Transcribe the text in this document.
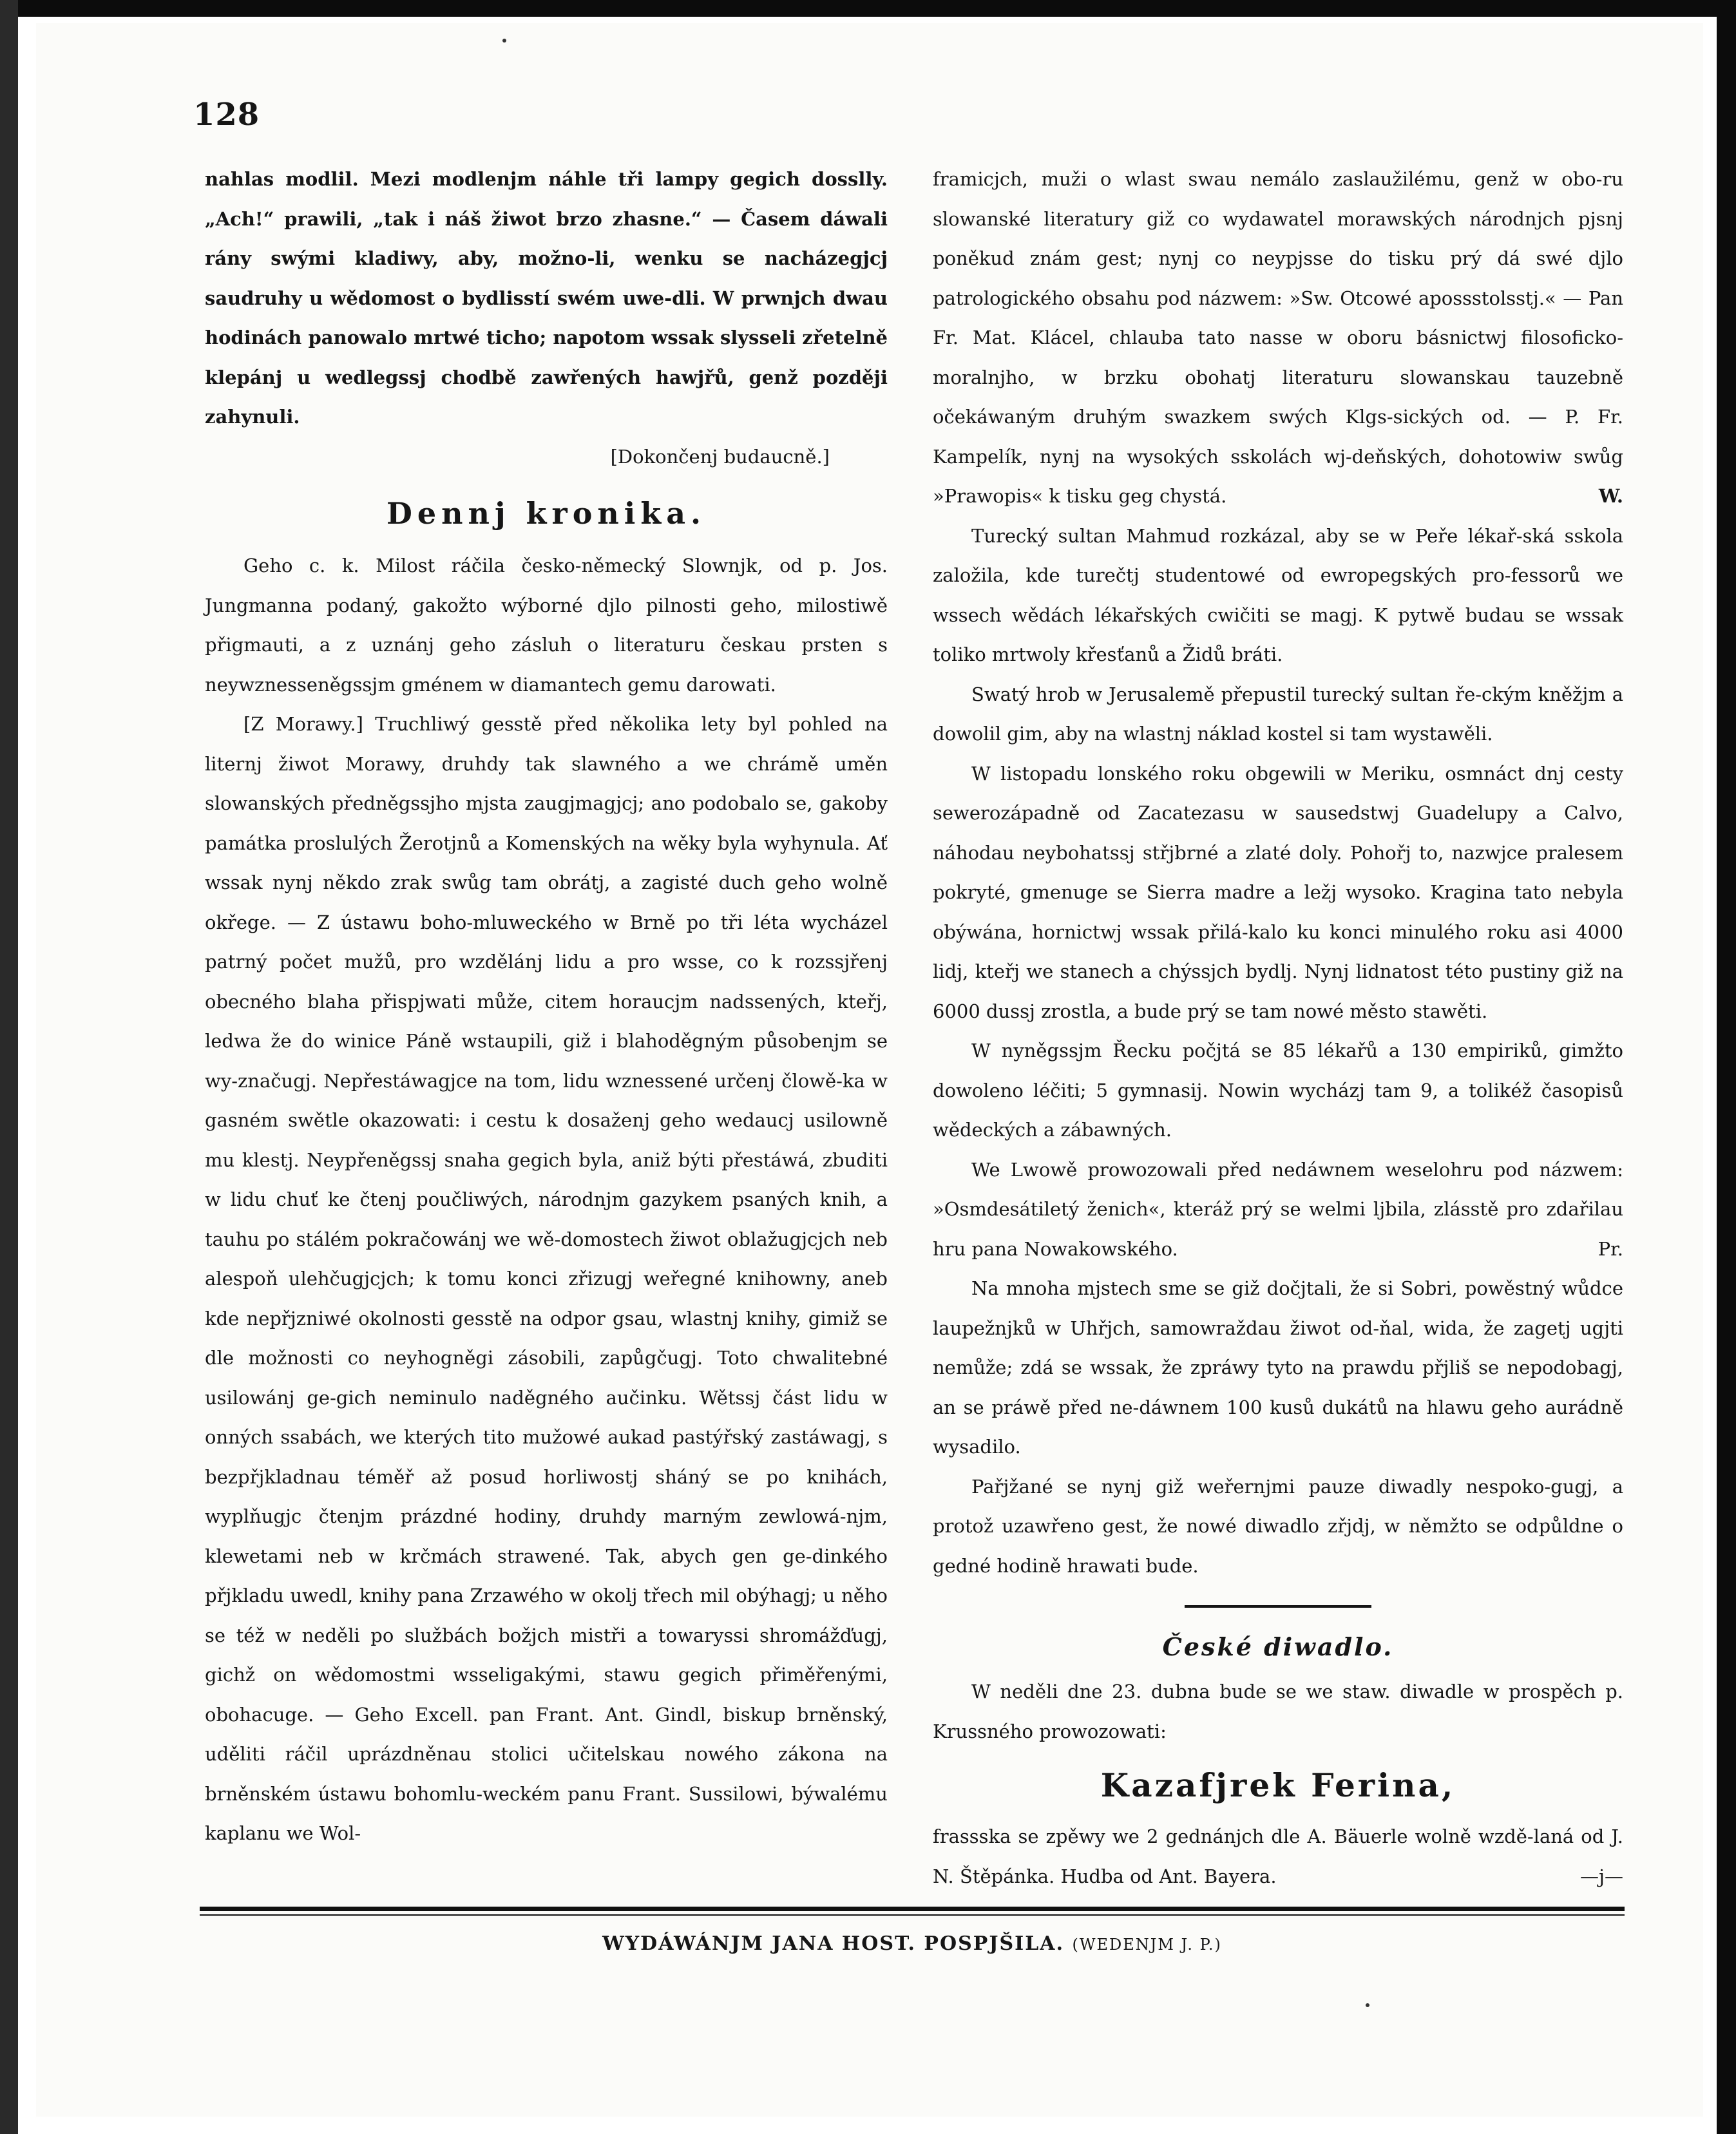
128

nahlas modlil. Mezi modlenjm náhle tři lampy gegich dosslly. „Ach!“ prawili, „tak i náš žiwot brzo zhasne.“ — Časem dáwali rány swými kladiwy, aby, možno-li, wenku se nacházegjcj saudruhy u wědomost o bydlisstí swém uwe-dli. W prwnjch dwau hodinách panowalo mrtwé ticho; napotom wssak slysseli zřetelně klepánj u wedlegssj chodbě zawřených hawjřů, genž později zahynuli.

[Dokončenj budaucně.]

Dennj kronika.

Geho c. k. Milost ráčila česko-německý Slownjk, od p. Jos. Jungmanna podaný, gakožto wýborné djlo pilnosti geho, milostiwě přigmauti, a z uznánj geho zásluh o literaturu českau prsten s neywznesseněgssjm gménem w diamantech gemu darowati.

[Z Morawy.] Truchliwý gesstě před několika lety byl pohled na liternj žiwot Morawy, druhdy tak slawného a we chrámě uměn slowanských předněgssjho mjsta zaugjmagjcj; ano podobalo se, gakoby památka proslulých Žerotjnů a Komenských na wěky byla wyhynula. Ať wssak nynj někdo zrak swůg tam obrátj, a zagisté duch geho wolně okřege. — Z ústawu boho-mluweckého w Brně po tři léta wycházel patrný počet mužů, pro wzdělánj lidu a pro wsse, co k rozssjřenj obecného blaha přispjwati může, citem horaucjm nadssených, kteřj, ledwa že do winice Páně wstaupili, giž i blahoděgným působenjm se wy-značugj. Nepřestáwagjce na tom, lidu wznessené určenj člowě-ka w gasném swětle okazowati: i cestu k dosaženj geho wedaucj usilowně mu klestj. Neypřeněgssj snaha gegich byla, aniž býti přestáwá, zbuditi w lidu chuť ke čtenj poučliwých, národnjm gazykem psaných knih, a tauhu po stálém pokračowánj we wě-domostech žiwot oblažugjcjch neb alespoň ulehčugjcjch; k tomu konci zřizugj weřegné knihowny, aneb kde nepřjzniwé okolnosti gesstě na odpor gsau, wlastnj knihy, gimiž se dle možnosti co neyhogněgi zásobili, zapůgčugj. Toto chwalitebné usilowánj ge-gich neminulo naděgného aučinku. Wětssj část lidu w onných ssabách, we kterých tito mužowé aukad pastýřský zastáwagj, s bezpřjkladnau téměř až posud horliwostj sháný se po knihách, wyplňugjc čtenjm prázdné hodiny, druhdy marným zewlowá-njm, klewetami neb w krčmách strawené. Tak, abych gen ge-dinkého přjkladu uwedl, knihy pana Zrzawého w okolj třech mil obýhagj; u něho se též w neděli po službách božjch mistři a towaryssi shromážďugj, gichž on wědomostmi wsseligakými, stawu gegich přiměřenými, obohacuge. — Geho Excell. pan Frant. Ant. Gindl, biskup brněnský, uděliti ráčil uprázdněnau stolici učitelskau nowého zákona na brněnském ústawu bohomlu-weckém panu Frant. Sussilowi, býwalému kaplanu we Wol-

framicjch, muži o wlast swau nemálo zaslaužilému, genž w obo-ru slowanské literatury giž co wydawatel morawských národnjch pjsnj poněkud znám gest; nynj co neypjsse do tisku prý dá swé djlo patrologického obsahu pod názwem: »Sw. Otcowé apossstolsstj.« — Pan Fr. Mat. Klácel, chlauba tato nasse w oboru básnictwj filosoficko-moralnjho, w brzku obohatj literaturu slowanskau tauzebně očekáwaným druhým swazkem swých Klgs-sických od. — P. Fr. Kampelík, nynj na wysokých sskolách wj-deňských, dohotowiw swůg »Prawopis« k tisku geg chystá.	W.

Turecký sultan Mahmud rozkázal, aby se w Peře lékař-ská sskola založila, kde turečtj studentowé od ewropegských pro-fessorů we wssech wědách lékařských cwičiti se magj. K pytwě budau se wssak toliko mrtwoly křesťanů a Židů bráti.

Swatý hrob w Jerusalemě přepustil turecký sultan ře-ckým kněžjm a dowolil gim, aby na wlastnj náklad kostel si tam wystawěli.

W listopadu lonského roku obgewili w Meriku, osmnáct dnj cesty sewerozápadně od Zacatezasu w sausedstwj Guadelupy a Calvo, náhodau neybohatssj střjbrné a zlaté doly. Pohořj to, nazwjce pralesem pokryté, gmenuge se Sierra madre a ležj wysoko. Kragina tato nebyla obýwána, hornictwj wssak přilá-kalo ku konci minulého roku asi 4000 lidj, kteřj we stanech a chýssjch bydlj. Nynj lidnatost této pustiny giž na 6000 dussj zrostla, a bude prý se tam nowé město stawěti.

W nyněgssjm Řecku počjtá se 85 lékařů a 130 empiriků, gimžto dowoleno léčiti; 5 gymnasij. Nowin wycházj tam 9, a tolikéž časopisů wědeckých a zábawných.

We Lwowě prowozowali před nedáwnem weselohru pod názwem: »Osmdesátiletý ženich«, kteráž prý se welmi ljbila, zlásstě pro zdařilau hru pana Nowakowského.	Pr.

Na mnoha mjstech sme se giž dočjtali, že si Sobri, powěstný wůdce laupežnjků w Uhřjch, samowraždau žiwot od-ňal, wida, že zagetj ugjti nemůže; zdá se wssak, že zpráwy tyto na prawdu přjliš se nepodobagj, an se práwě před ne-dáwnem 100 kusů dukátů na hlawu geho aurádně wysadilo.

Pařjžané se nynj giž weřernjmi pauze diwadly nespoko-gugj, a protož uzawřeno gest, že nowé diwadlo zřjdj, w němžto se odpůldne o gedné hodině hrawati bude.

České diwadlo.

W neděli dne 23. dubna bude se we staw. diwadle w prospěch p. Krussného prowozowati:

Kazafjrek Ferina,

frassska se zpěwy we 2 gednánjch dle A. Bäuerle wolně wzdě-laná od J. N. Štěpánka. Hudba od Ant. Bayera.	—j—

WYDÁWÁNJM JANA HOST. POSPJŠILA. (WEDENJM J. P.)
